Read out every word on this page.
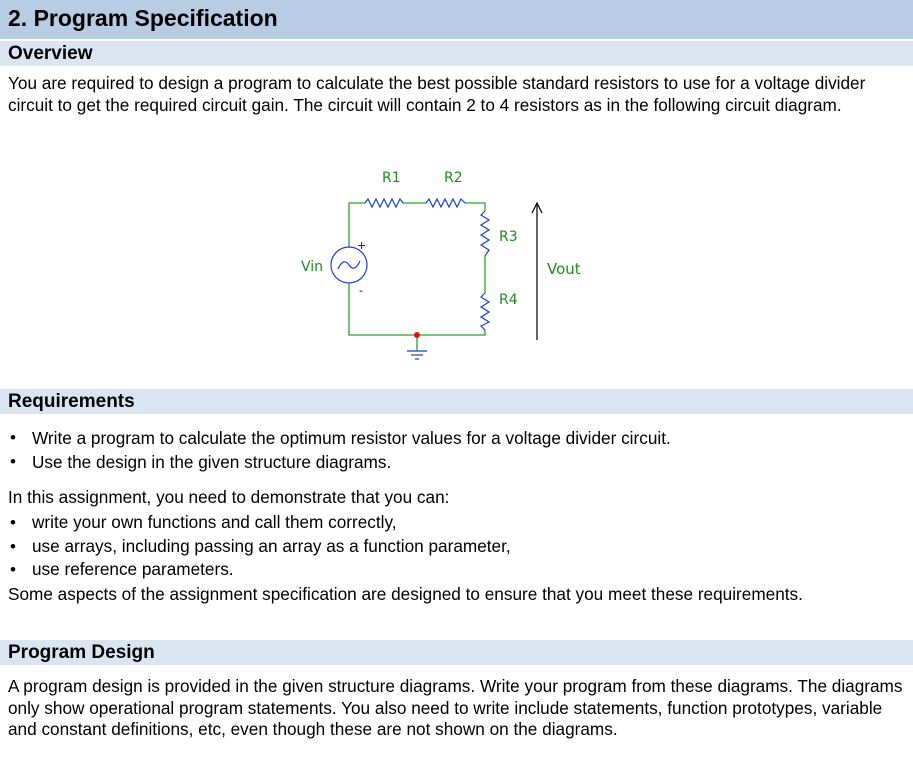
2. Program Specification
Overview

You are required to design a program to calculate the best possible standard resistors to use for a voltage divider circuit to get the required circuit gain. The circuit will contain 2 to 4 resistors as in the following circuit diagram.

R1	R2
R3
R4
Vin	Vout
+
-
Requirements
• Write a program to calculate the optimum resistor values for a voltage divider circuit.
• Use the design in the given structure diagrams.

In this assignment, you need to demonstrate that you can:

• write your own functions and call them correctly,
• use arrays, including passing an array as a function parameter,
• use reference parameters.

Some aspects of the assignment specification are designed to ensure that you meet these requirements.

Program Design

A program design is provided in the given structure diagrams. Write your program from these diagrams. The diagrams only show operational program statements. You also need to write include statements, function prototypes, variable and constant definitions, etc, even though these are not shown on the diagrams.
